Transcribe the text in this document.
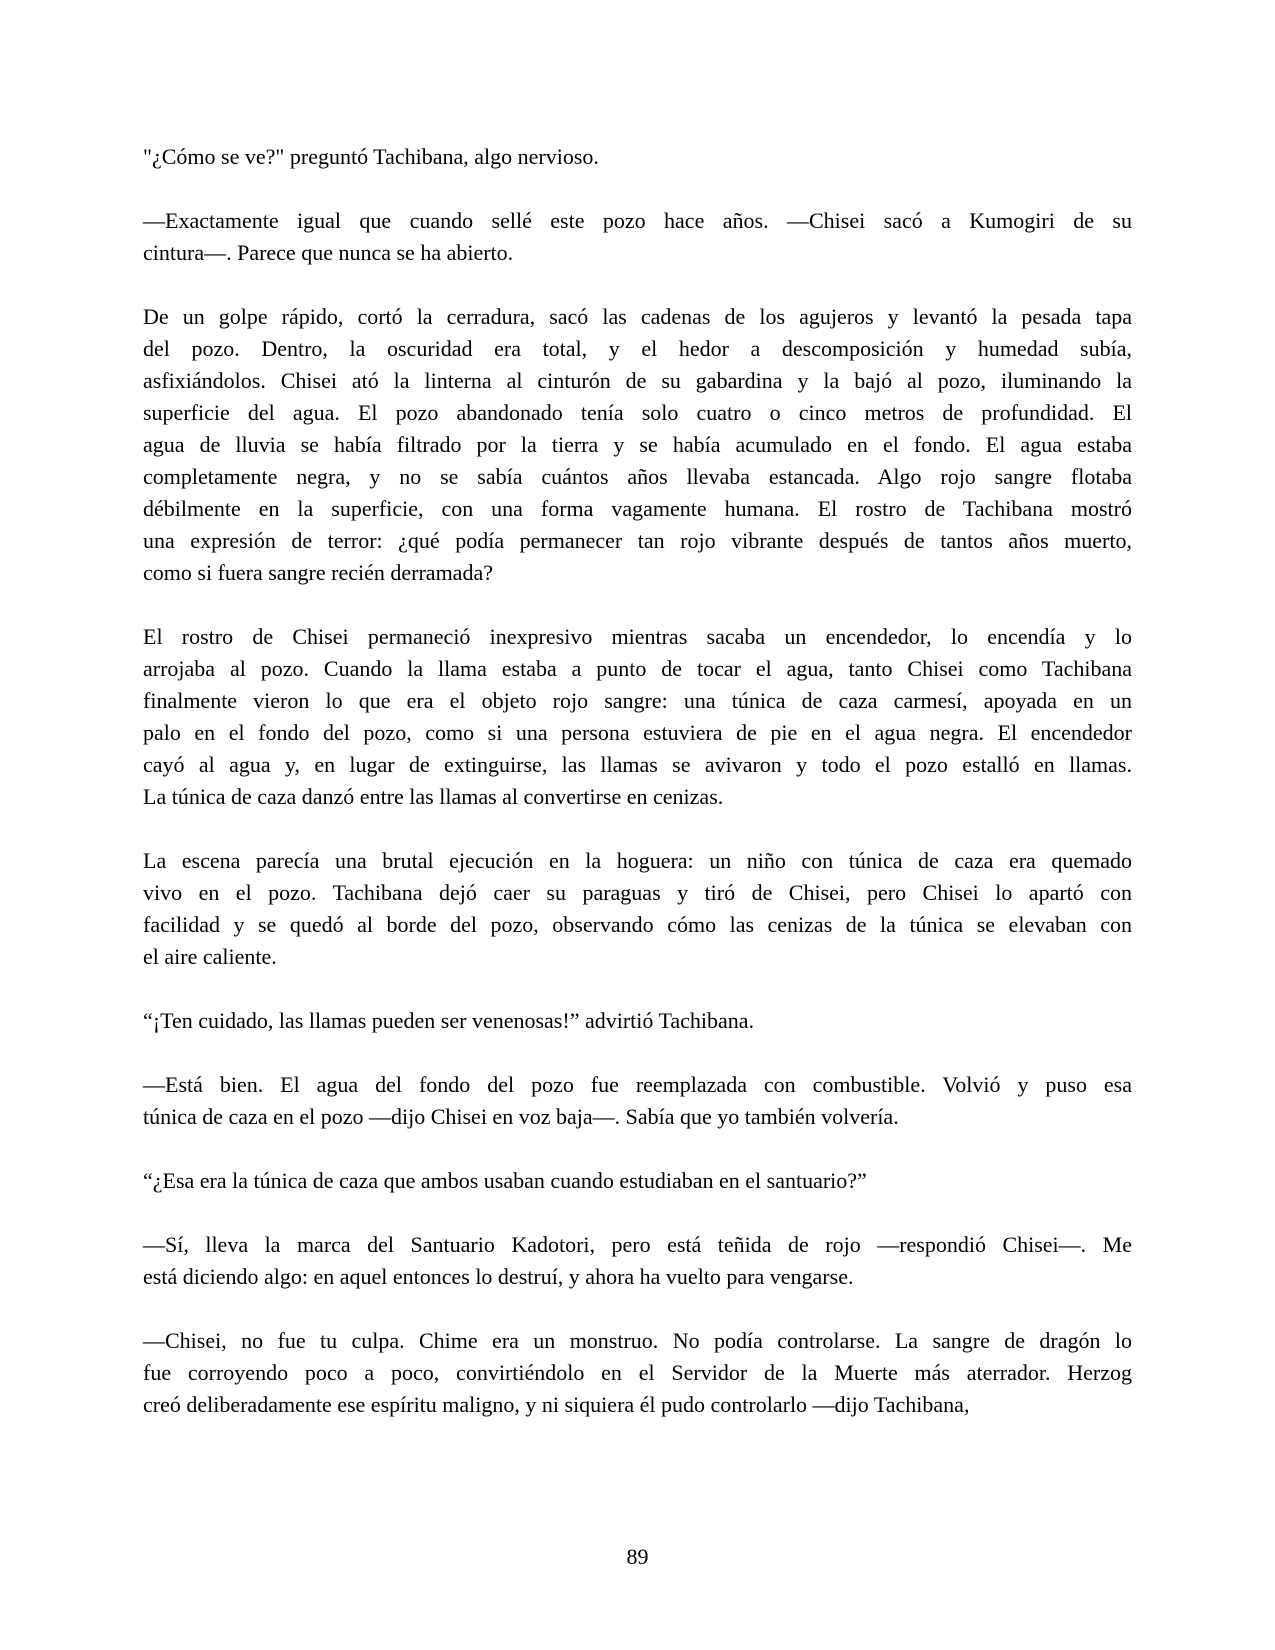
"¿Cómo se ve?" preguntó Tachibana, algo nervioso.
—Exactamente igual que cuando sellé este pozo hace años. —Chisei sacó a Kumogiri de su
cintura—. Parece que nunca se ha abierto.
De un golpe rápido, cortó la cerradura, sacó las cadenas de los agujeros y levantó la pesada tapa
del pozo. Dentro, la oscuridad era total, y el hedor a descomposición y humedad subía,
asfixiándolos. Chisei ató la linterna al cinturón de su gabardina y la bajó al pozo, iluminando la
superficie del agua. El pozo abandonado tenía solo cuatro o cinco metros de profundidad. El
agua de lluvia se había filtrado por la tierra y se había acumulado en el fondo. El agua estaba
completamente negra, y no se sabía cuántos años llevaba estancada. Algo rojo sangre flotaba
débilmente en la superficie, con una forma vagamente humana. El rostro de Tachibana mostró
una expresión de terror: ¿qué podía permanecer tan rojo vibrante después de tantos años muerto,
como si fuera sangre recién derramada?
El rostro de Chisei permaneció inexpresivo mientras sacaba un encendedor, lo encendía y lo
arrojaba al pozo. Cuando la llama estaba a punto de tocar el agua, tanto Chisei como Tachibana
finalmente vieron lo que era el objeto rojo sangre: una túnica de caza carmesí, apoyada en un
palo en el fondo del pozo, como si una persona estuviera de pie en el agua negra. El encendedor
cayó al agua y, en lugar de extinguirse, las llamas se avivaron y todo el pozo estalló en llamas.
La túnica de caza danzó entre las llamas al convertirse en cenizas.
La escena parecía una brutal ejecución en la hoguera: un niño con túnica de caza era quemado
vivo en el pozo. Tachibana dejó caer su paraguas y tiró de Chisei, pero Chisei lo apartó con
facilidad y se quedó al borde del pozo, observando cómo las cenizas de la túnica se elevaban con
el aire caliente.
“¡Ten cuidado, las llamas pueden ser venenosas!” advirtió Tachibana.
—Está bien. El agua del fondo del pozo fue reemplazada con combustible. Volvió y puso esa
túnica de caza en el pozo —dijo Chisei en voz baja—. Sabía que yo también volvería.
“¿Esa era la túnica de caza que ambos usaban cuando estudiaban en el santuario?”
—Sí, lleva la marca del Santuario Kadotori, pero está teñida de rojo —respondió Chisei—. Me
está diciendo algo: en aquel entonces lo destruí, y ahora ha vuelto para vengarse.
—Chisei, no fue tu culpa. Chime era un monstruo. No podía controlarse. La sangre de dragón lo
fue corroyendo poco a poco, convirtiéndolo en el Servidor de la Muerte más aterrador. Herzog
creó deliberadamente ese espíritu maligno, y ni siquiera él pudo controlarlo —dijo Tachibana,
89
